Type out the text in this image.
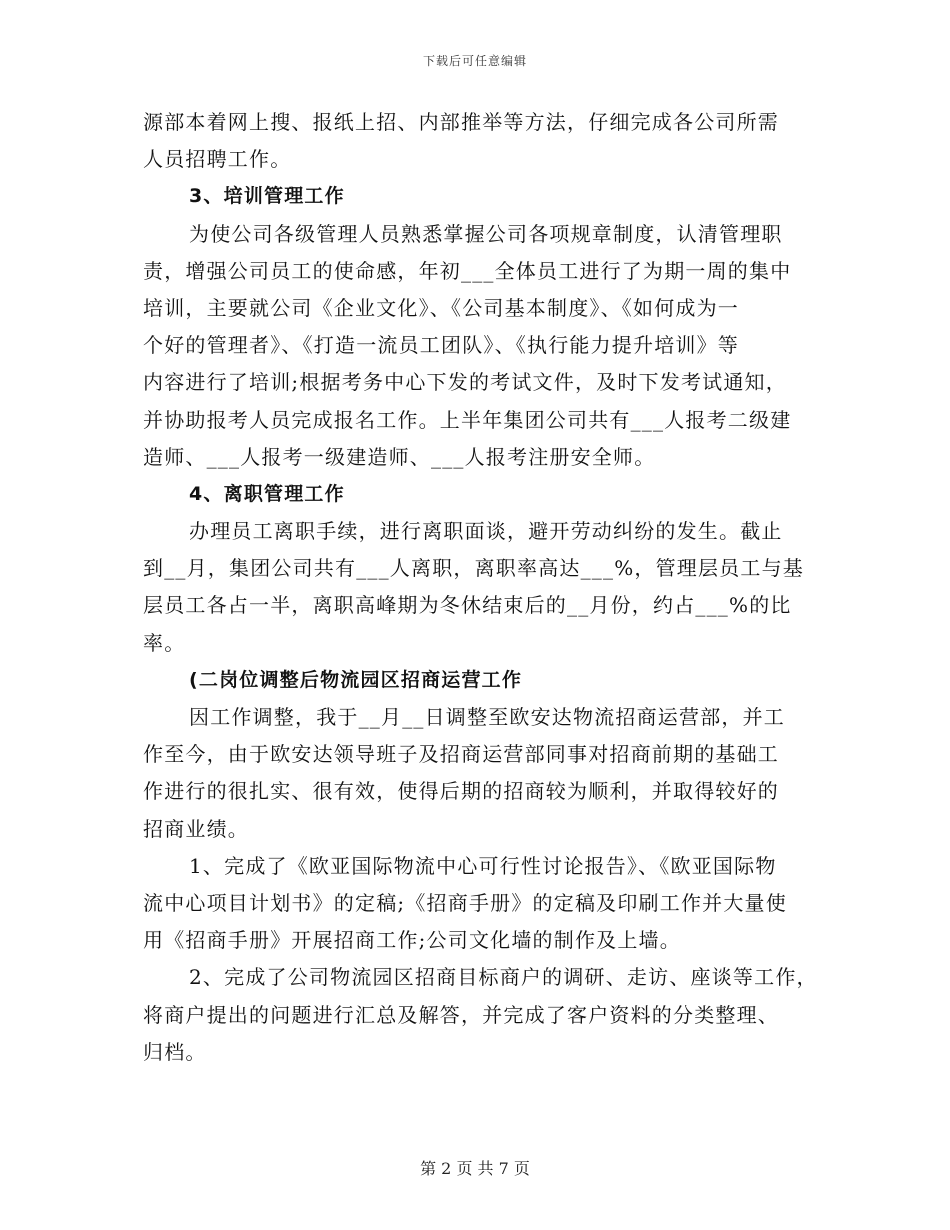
下载后可任意编辑
源部本着网上搜、报纸上招、内部推举等方法，仔细完成各公司所需
人员招聘工作。
3、培训管理工作
为使公司各级管理人员熟悉掌握公司各项规章制度，认清管理职
责，增强公司员工的使命感，年初___全体员工进行了为期一周的集中
培训，主要就公司《企业文化》、《公司基本制度》、《如何成为一
个好的管理者》、《打造一流员工团队》、《执行能力提升培训》等
内容进行了培训;根据考务中心下发的考试文件，及时下发考试通知，
并协助报考人员完成报名工作。上半年集团公司共有___人报考二级建
造师、___人报考一级建造师、___人报考注册安全师。
4、离职管理工作
办理员工离职手续，进行离职面谈，避开劳动纠纷的发生。截止
到__月，集团公司共有___人离职，离职率高达___%，管理层员工与基
层员工各占一半，离职高峰期为冬休结束后的__月份，约占___%的比
率。
(二岗位调整后物流园区招商运营工作
因工作调整，我于__月__日调整至欧安达物流招商运营部，并工
作至今，由于欧安达领导班子及招商运营部同事对招商前期的基础工
作进行的很扎实、很有效，使得后期的招商较为顺利，并取得较好的
招商业绩。
1、完成了《欧亚国际物流中心可行性讨论报告》、《欧亚国际物
流中心项目计划书》的定稿;《招商手册》的定稿及印刷工作并大量使
用《招商手册》开展招商工作;公司文化墙的制作及上墙。
2、完成了公司物流园区招商目标商户的调研、走访、座谈等工作，
将商户提出的问题进行汇总及解答，并完成了客户资料的分类整理、
归档。
第 2 页 共 7 页
